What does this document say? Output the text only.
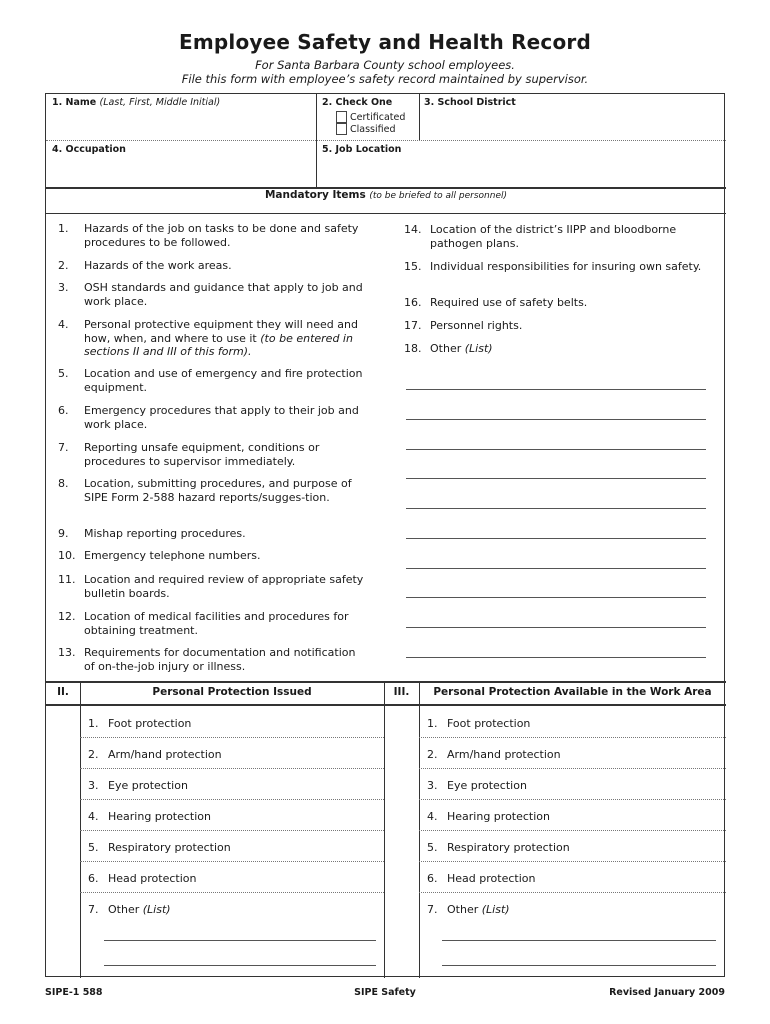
Employee Safety and Health Record
For Santa Barbara County school employees.
File this form with employee’s safety record maintained by supervisor.
1. Name (Last, First, Middle Initial)	2. Check One
Certificated
Classified
3. School District
4. Occupation	5. Job Location
Mandatory Items (to be briefed to all personnel)
1.	Hazards of the job on tasks to be done and safety procedures to be followed.
2.	Hazards of the work areas.
3.	OSH standards and guidance that apply to job and work place.
4.	Personal protective equipment they will need and how, when, and where to use it (to be entered in sections II and III of this form).
5.	Location and use of emergency and fire protection equipment.
6.	Emergency procedures that apply to their job and work place.
7.	Reporting unsafe equipment, conditions or procedures to supervisor immediately.
8.	Location, submitting procedures, and purpose of SIPE Form 2-588 hazard reports/sugges-tion.
9.	Mishap reporting procedures.
10. Emergency telephone numbers.
11. Location and required review of appropriate safety bulletin boards.
12. Location of medical facilities and procedures for obtaining treatment.
13. Requirements for documentation and notification of on-the-job injury or illness.
14. Location of the district’s IIPP and bloodborne pathogen plans.
15. Individual responsibilities for insuring own safety.
16. Required use of safety belts.
17. Personnel rights.
18. Other (List)
II.	Personal Protection Issued	III.	Personal Protection Available in the Work Area
1. Foot protection
2. Arm/hand protection
3. Eye protection
4. Hearing protection
5. Respiratory protection
6. Head protection
7. Other (List)
1. Foot protection
2. Arm/hand protection
3. Eye protection
4. Hearing protection
5. Respiratory protection
6. Head protection
7. Other (List)
SIPE-1 588	SIPE Safety	Revised January 2009
